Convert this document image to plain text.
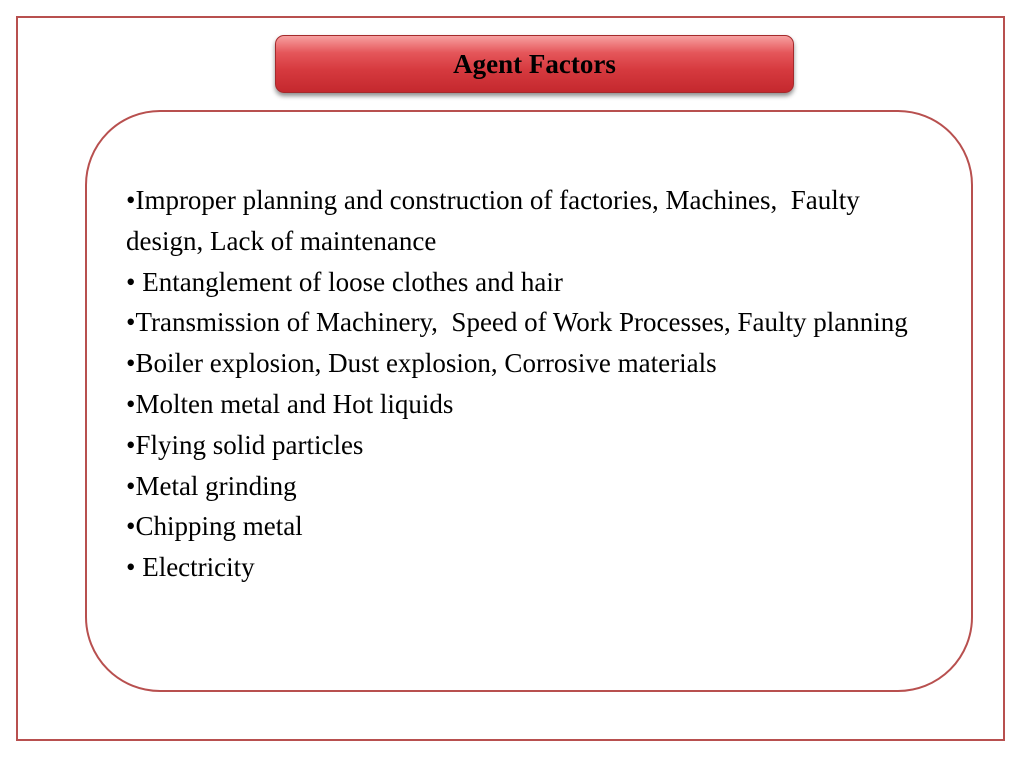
Agent Factors
•Improper planning and construction of factories, Machines,  Faulty design, Lack of maintenance
• Entanglement of loose clothes and hair
•Transmission of Machinery,  Speed of Work Processes, Faulty planning
•Boiler explosion, Dust explosion, Corrosive materials
•Molten metal and Hot liquids
•Flying solid particles
•Metal grinding
•Chipping metal
• Electricity
